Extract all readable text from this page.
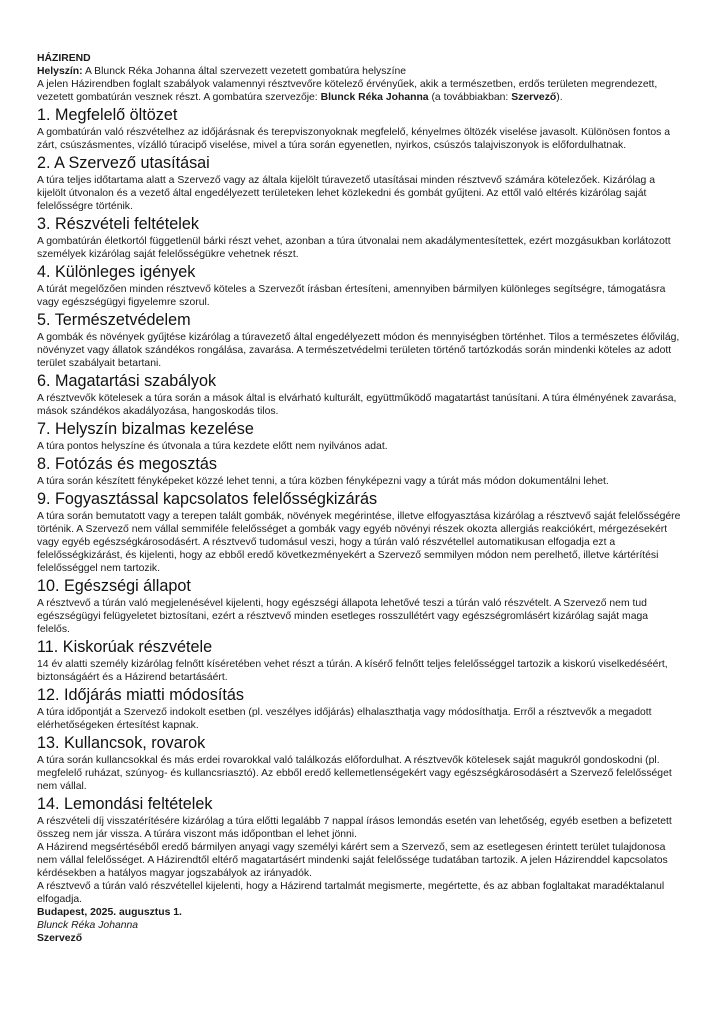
HÁZIREND

Helyszín: A Blunck Réka Johanna által szervezett vezetett gombatúra helyszíne

A jelen Házirendben foglalt szabályok valamennyi résztvevőre kötelező érvényűek, akik a természetben, erdős területen megrendezett, vezetett gombatúrán vesznek részt. A gombatúra szervezője: Blunck Réka Johanna (a továbbiakban: Szervező).

1. Megfelelő öltözet

A gombatúrán való részvételhez az időjárásnak és terepviszonyoknak megfelelő, kényelmes öltözék viselése javasolt. Különösen fontos a zárt, csúszásmentes, vízálló túracipő viselése, mivel a túra során egyenetlen, nyirkos, csúszós talajviszonyok is előfordulhatnak.

2. A Szervező utasításai

A túra teljes időtartama alatt a Szervező vagy az általa kijelölt túravezető utasításai minden résztvevő számára kötelezőek. Kizárólag a kijelölt útvonalon és a vezető által engedélyezett területeken lehet közlekedni és gombát gyűjteni. Az ettől való eltérés kizárólag saját felelősségre történik.

3. Részvételi feltételek

A gombatúrán életkortól függetlenül bárki részt vehet, azonban a túra útvonalai nem akadálymentesítettek, ezért mozgásukban korlátozott személyek kizárólag saját felelősségükre vehetnek részt.

4. Különleges igények

A túrát megelőzően minden résztvevő köteles a Szervezőt írásban értesíteni, amennyiben bármilyen különleges segítségre, támogatásra vagy egészségügyi figyelemre szorul.

5. Természetvédelem

A gombák és növények gyűjtése kizárólag a túravezető által engedélyezett módon és mennyiségben történhet. Tilos a természetes élővilág, növényzet vagy állatok szándékos rongálása, zavarása. A természetvédelmi területen történő tartózkodás során mindenki köteles az adott terület szabályait betartani.

6. Magatartási szabályok

A résztvevők kötelesek a túra során a mások által is elvárható kulturált, együttműködő magatartást tanúsítani. A túra élményének zavarása, mások szándékos akadályozása, hangoskodás tilos.

7. Helyszín bizalmas kezelése

A túra pontos helyszíne és útvonala a túra kezdete előtt nem nyilvános adat.

8. Fotózás és megosztás

A túra során készített fényképeket közzé lehet tenni, a túra közben fényképezni vagy a túrát más módon dokumentálni lehet.

9. Fogyasztással kapcsolatos felelősségkizárás

A túra során bemutatott vagy a terepen talált gombák, növények megérintése, illetve elfogyasztása kizárólag a résztvevő saját felelősségére történik. A Szervező nem vállal semmiféle felelősséget a gombák vagy egyéb növényi részek okozta allergiás reakciókért, mérgezésekért vagy egyéb egészségkárosodásért. A résztvevő tudomásul veszi, hogy a túrán való részvétellel automatikusan elfogadja ezt a felelősségkizárást, és kijelenti, hogy az ebből eredő következményekért a Szervező semmilyen módon nem perelhető, illetve kártérítési felelősséggel nem tartozik.

10. Egészségi állapot

A résztvevő a túrán való megjelenésével kijelenti, hogy egészségi állapota lehetővé teszi a túrán való részvételt. A Szervező nem tud egészségügyi felügyeletet biztosítani, ezért a résztvevő minden esetleges rosszullétért vagy egészségromlásért kizárólag saját maga felelős.

11. Kiskorúak részvétele

14 év alatti személy kizárólag felnőtt kíséretében vehet részt a túrán. A kísérő felnőtt teljes felelősséggel tartozik a kiskorú viselkedéséért, biztonságáért és a Házirend betartásáért.

12. Időjárás miatti módosítás

A túra időpontját a Szervező indokolt esetben (pl. veszélyes időjárás) elhalaszthatja vagy módosíthatja. Erről a résztvevők a megadott elérhetőségeken értesítést kapnak.

13. Kullancsok, rovarok

A túra során kullancsokkal és más erdei rovarokkal való találkozás előfordulhat. A résztvevők kötelesek saját magukról gondoskodni (pl. megfelelő ruházat, szúnyog- és kullancsriasztó). Az ebből eredő kellemetlenségekért vagy egészségkárosodásért a Szervező felelősséget nem vállal.

14. Lemondási feltételek

A részvételi díj visszatérítésére kizárólag a túra előtti legalább 7 nappal írásos lemondás esetén van lehetőség, egyéb esetben a befizetett összeg nem jár vissza. A túrára viszont más időpontban el lehet jönni.

A Házirend megsértéséből eredő bármilyen anyagi vagy személyi kárért sem a Szervező, sem az esetlegesen érintett terület tulajdonosa nem vállal felelősséget. A Házirendtől eltérő magatartásért mindenki saját felelőssége tudatában tartozik. A jelen Házirenddel kapcsolatos kérdésekben a hatályos magyar jogszabályok az irányadók.

A résztvevő a túrán való részvétellel kijelenti, hogy a Házirend tartalmát megismerte, megértette, és az abban foglaltakat maradéktalanul elfogadja.

Budapest, 2025. augusztus 1.

Blunck Réka Johanna

Szervező
